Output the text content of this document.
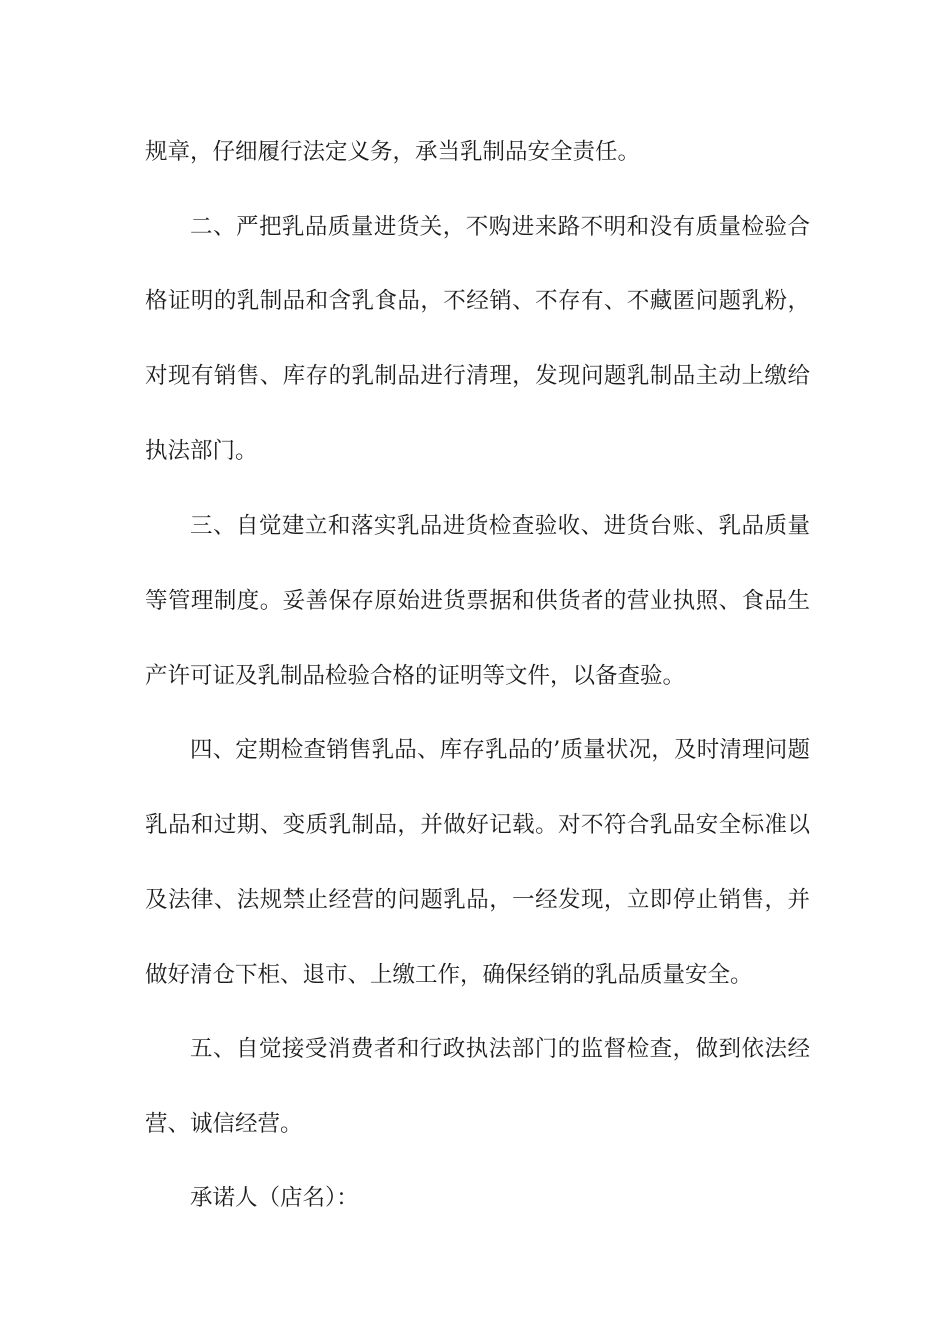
规章，仔细履行法定义务，承当乳制品安全责任。
二、严把乳品质量进货关，不购进来路不明和没有质量检验合
格证明的乳制品和含乳食品，不经销、不存有、不藏匿问题乳粉，
对现有销售、库存的乳制品进行清理，发现问题乳制品主动上缴给
执法部门。
三、自觉建立和落实乳品进货检查验收、进货台账、乳品质量
等管理制度。妥善保存原始进货票据和供货者的营业执照、食品生
产许可证及乳制品检验合格的证明等文件，以备查验。
四、定期检查销售乳品、库存乳品的’质量状况，及时清理问题
乳品和过期、变质乳制品，并做好记载。对不符合乳品安全标准以
及法律、法规禁止经营的问题乳品，一经发现，立即停止销售，并
做好清仓下柜、退市、上缴工作，确保经销的乳品质量安全。
五、自觉接受消费者和行政执法部门的监督检查，做到依法经
营、诚信经营。
承诺人（店名）：
